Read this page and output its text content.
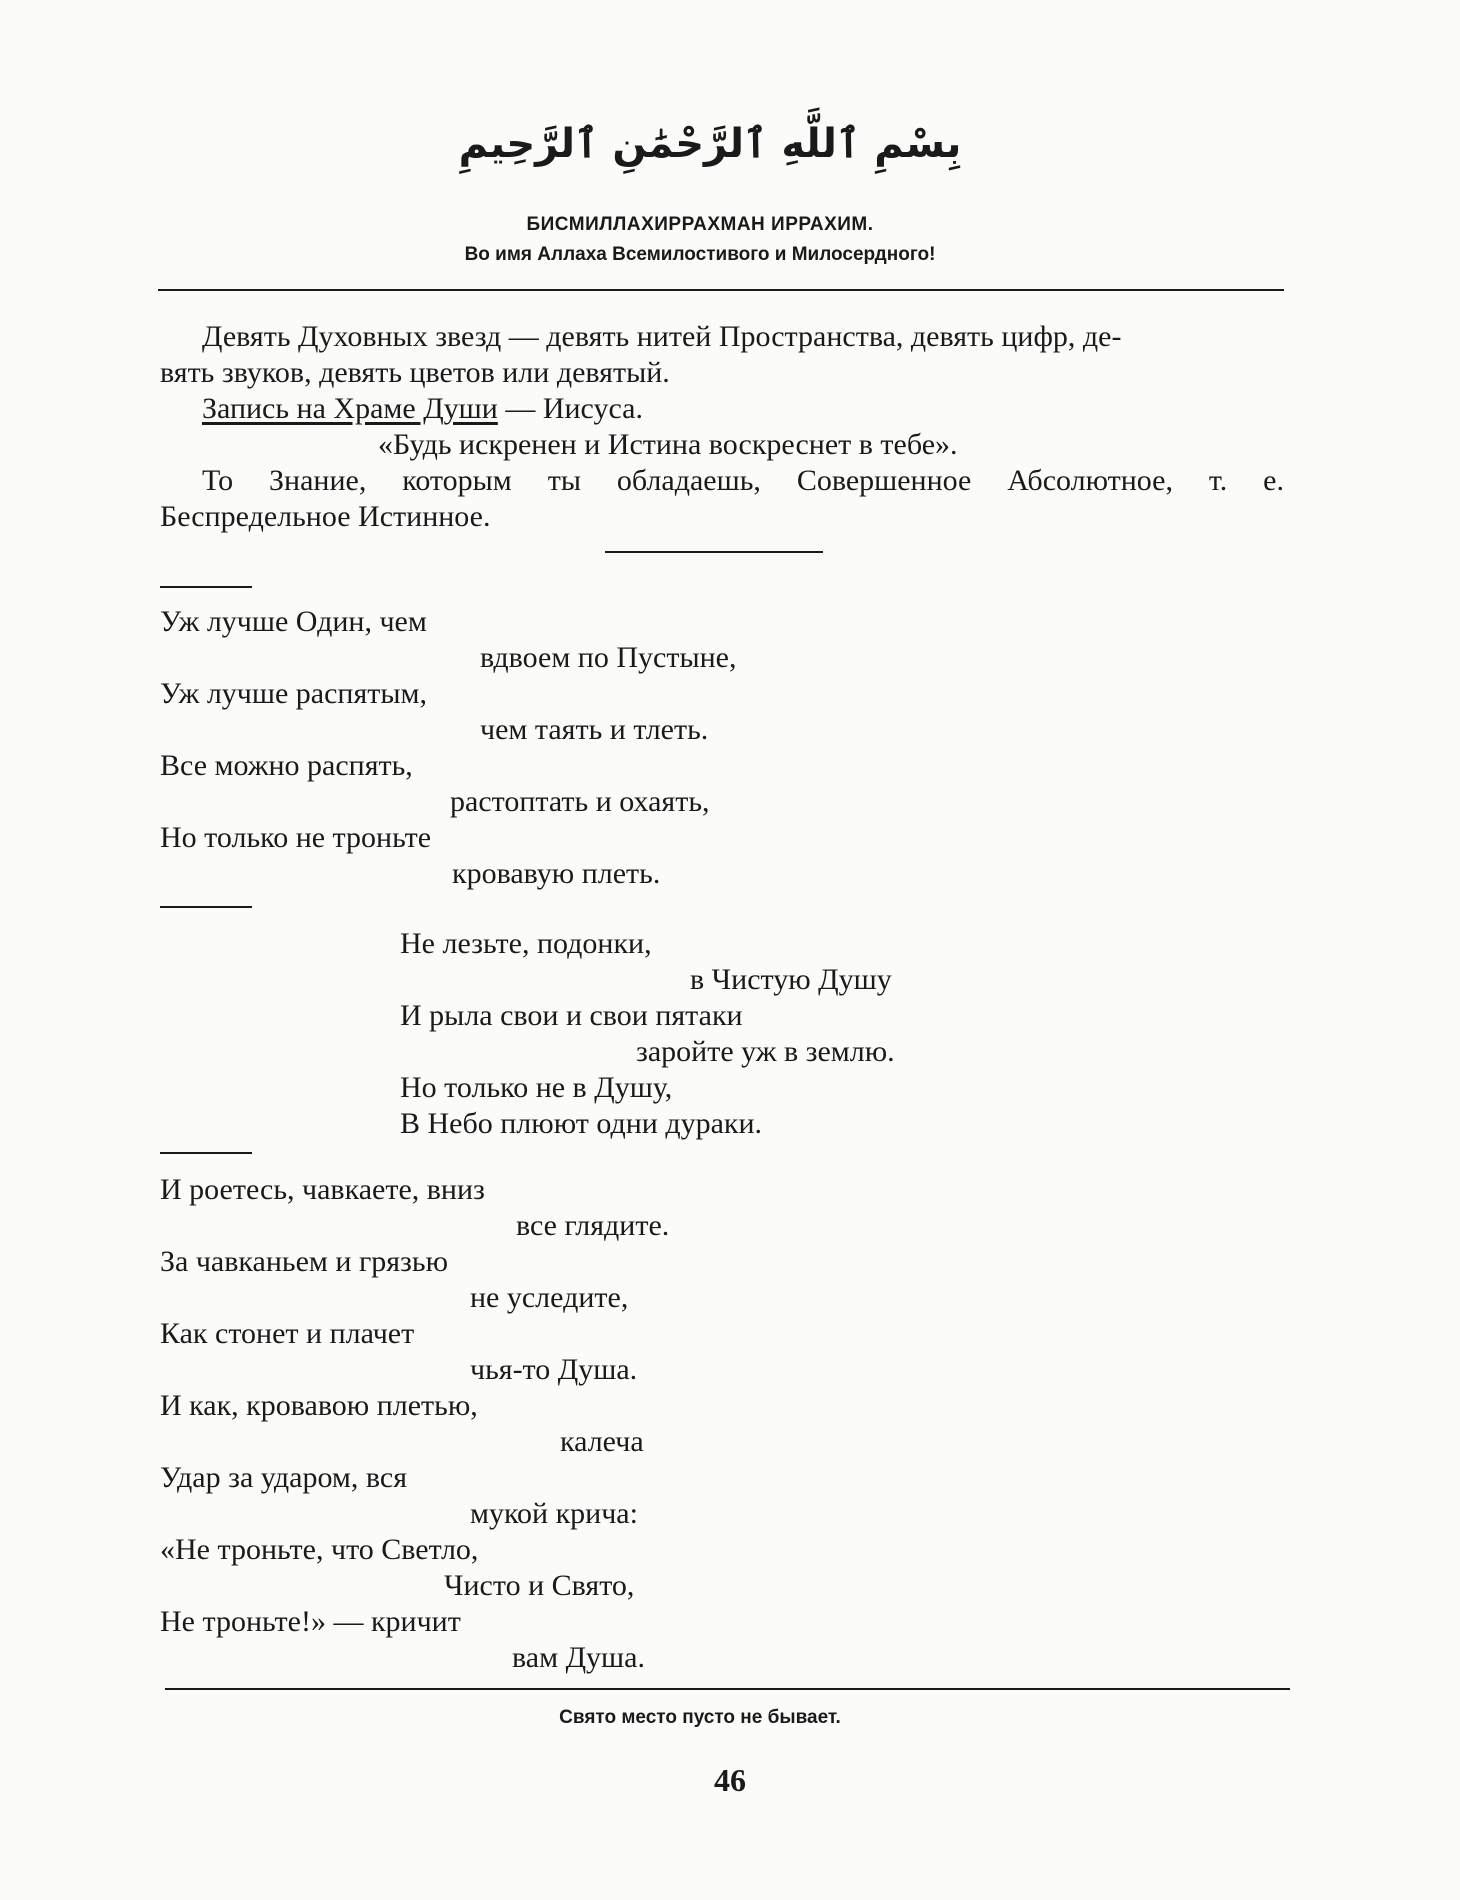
بِسْمِ ٱللَّهِ ٱلرَّحْمَٰنِ ٱلرَّحِيمِ
БИСМИЛЛАХИРРАХМАН ИРРАХИМ.
Во имя Аллаха Всемилостивого и Милосердного!
Девять Духовных звезд — девять нитей Пространства, девять цифр, де-
вять звуков, девять цветов или девятый.
Запись на Храме Души — Иисуса.
«Будь искренен и Истина воскреснет в тебе».
То Знание, которым ты обладаешь, Совершенное Абсолютное, т. е.
Беспредельное Истинное.
Уж лучше Один, чем
вдвоем по Пустыне,
Уж лучше распятым,
чем таять и тлеть.
Все можно распять,
растоптать и охаять,
Но только не троньте
кровавую плеть.
Не лезьте, подонки,
в Чистую Душу
И рыла свои и свои пятаки
заройте уж в землю.
Но только не в Душу,
В Небо плюют одни дураки.
И роетесь, чавкаете, вниз
все глядите.
За чавканьем и грязью
не уследите,
Как стонет и плачет
чья-то Душа.
И как, кровавою плетью,
калеча
Удар за ударом, вся
мукой крича:
«Не троньте, что Светло,
Чисто и Свято,
Не троньте!» — кричит
вам Душа.
Свято место пусто не бывает.
46
